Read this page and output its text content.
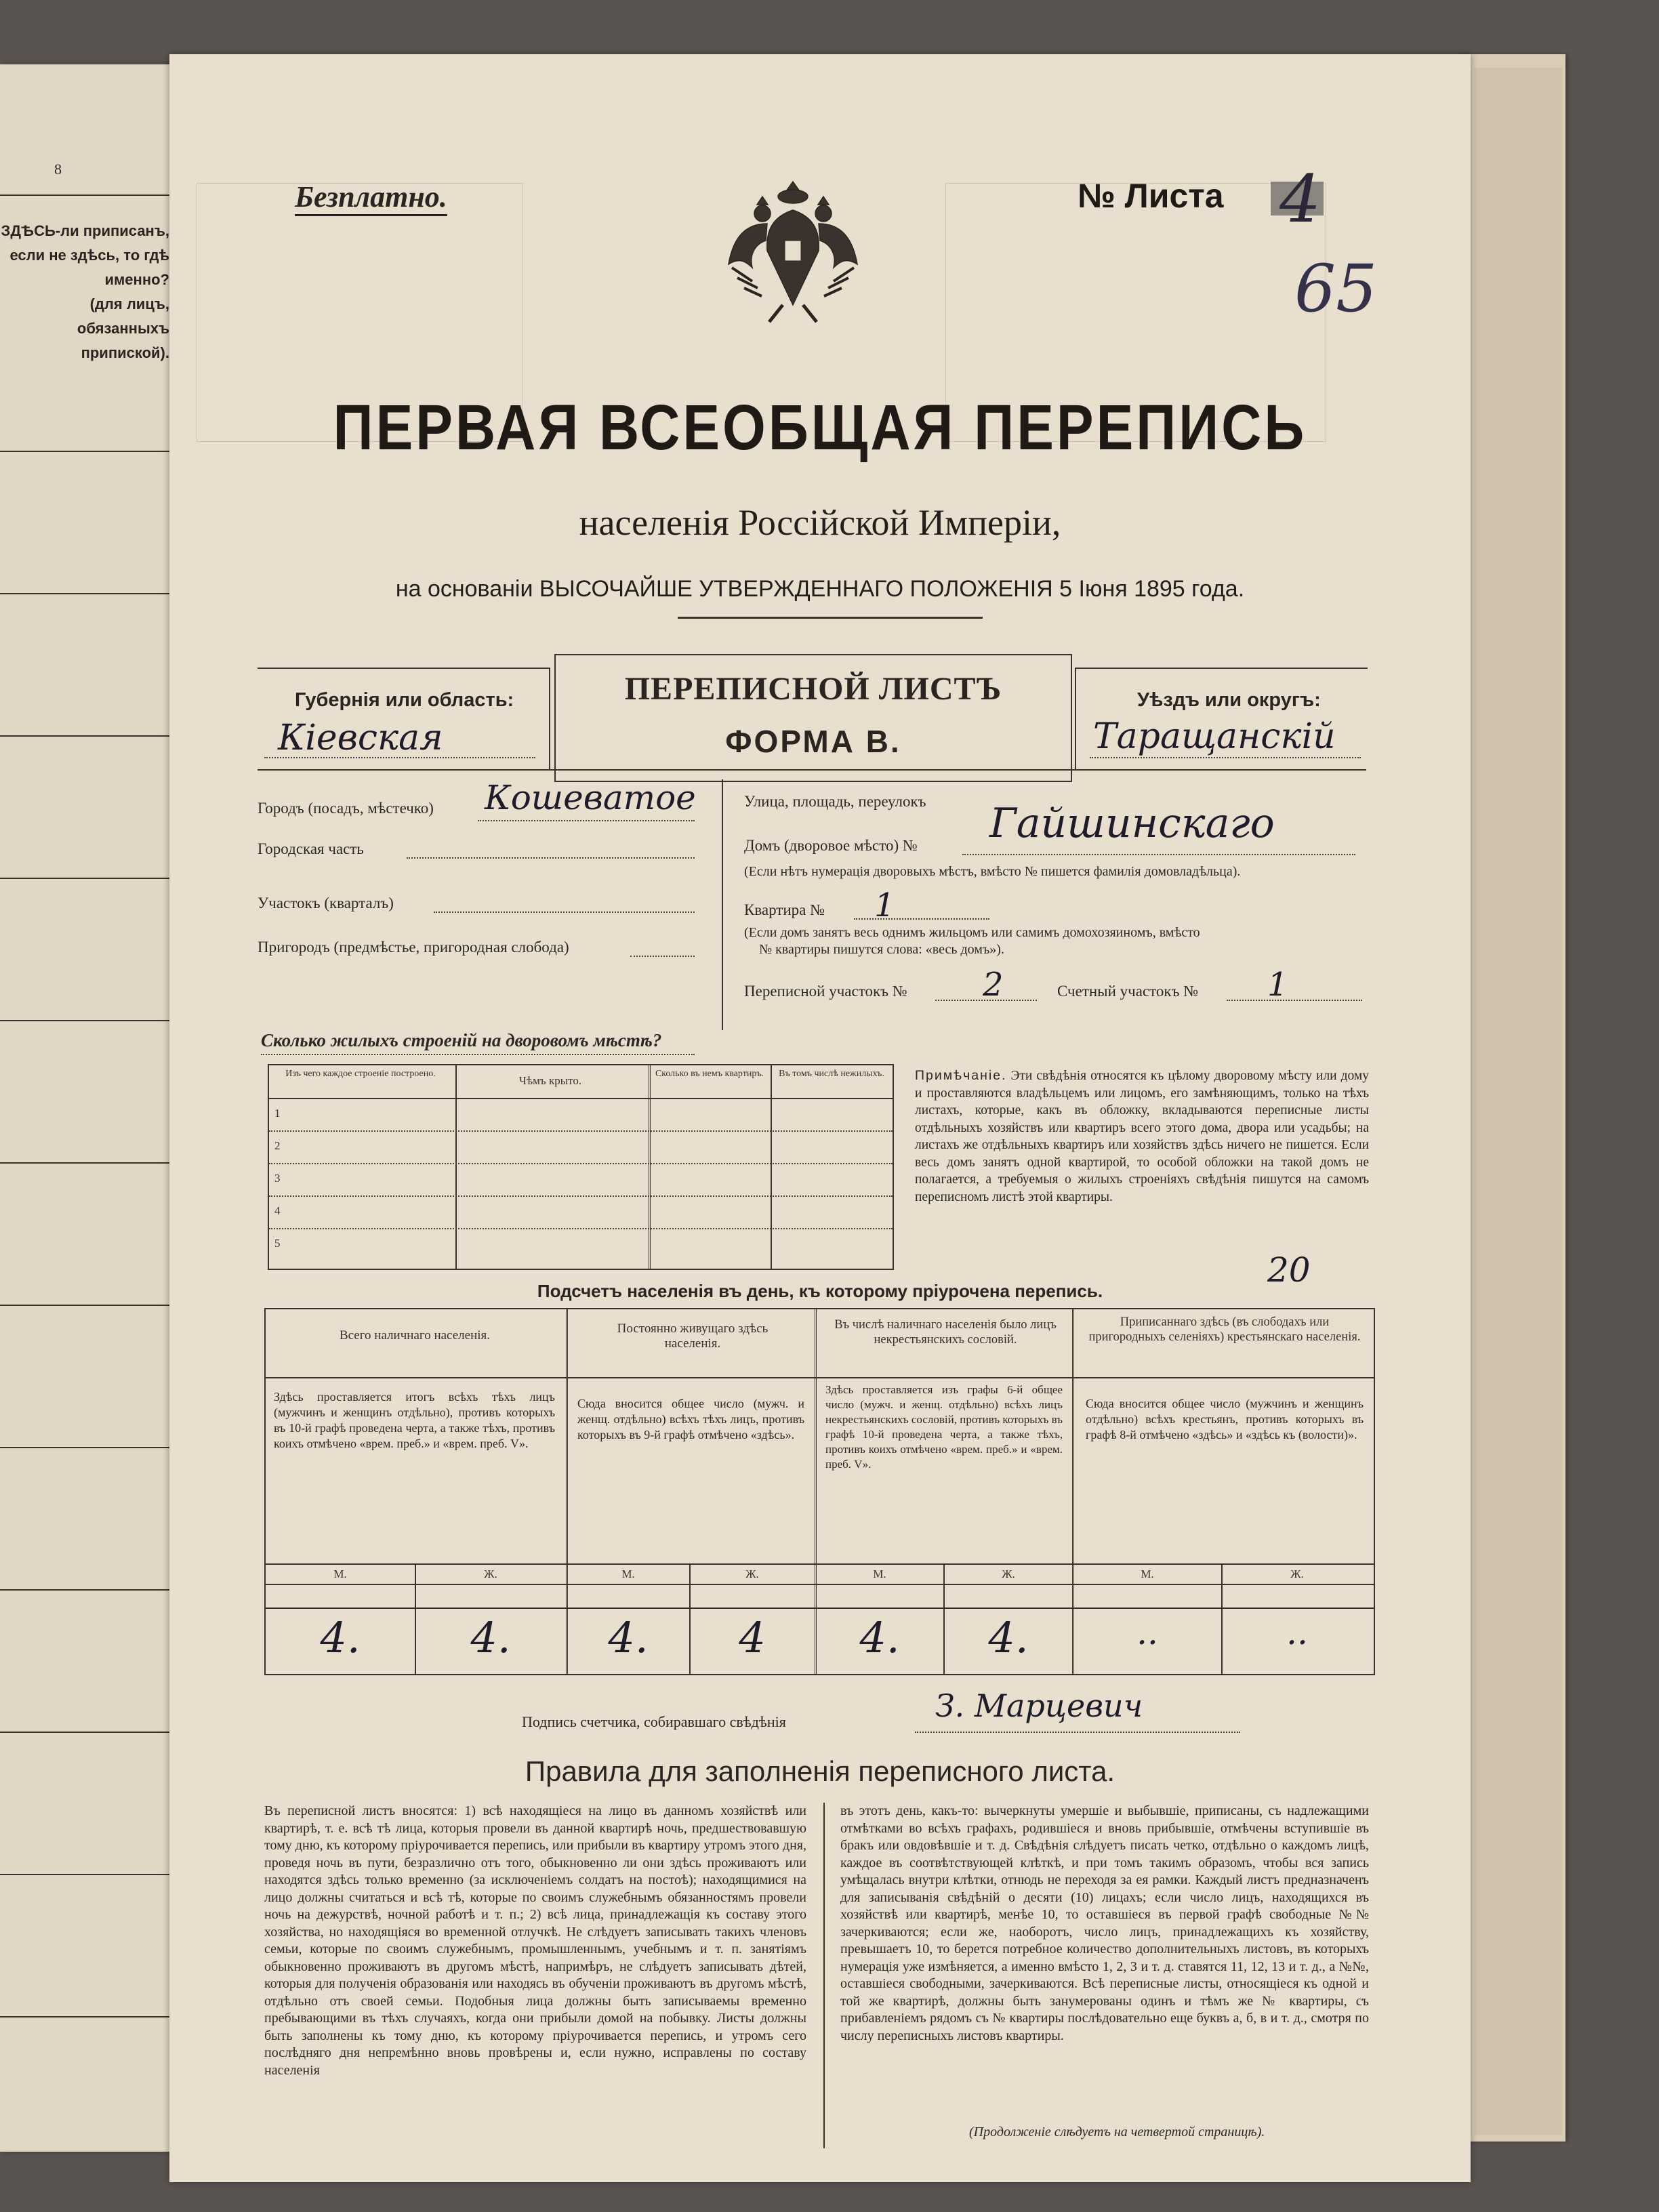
8
ЗДѢСЬ-ли приписанъ,
если не здѣсь, то гдѣ
именно?
(для лицъ, обязанныхъ
припиской).
Безплатно.	№ Листа 4
65
ПЕРВАЯ ВСЕОБЩАЯ ПЕРЕПИСЬ
населенія Россійской Имперіи,
на основаніи ВЫСОЧАЙШЕ УТВЕРЖДЕННАГО ПОЛОЖЕНІЯ 5 Іюня 1895 года.
Губернія или область:
Кіевская
ПЕРЕПИСНОЙ ЛИСТЪ
ФОРМА В.
Уѣздъ или округъ:
Таращанскій
Городъ (посадъ, мѣстечко) Кошеватое
Городская часть
Участокъ (кварталъ)
Пригородъ (предмѣстье, пригородная слобода)
Улица, площадь, переулокъ
Домъ (дворовое мѣсто) № Гайшинскаго
(Если нѣтъ нумерація дворовыхъ мѣстъ, вмѣсто № пишется фамилія домовладѣльца).
Квартира № 1
(Если домъ занятъ весь однимъ жильцомъ или самимъ домохозяиномъ, вмѣсто
№ квартиры пишутся слова: «весь домъ»).
Переписной участокъ № 2	Счетный участокъ № 1
Сколько жилыхъ строеній на дворовомъ мѣстѣ?
Изъ чего каждое строеніе построено.
Чѣмъ крыто.
Сколько въ немъ квартиръ.	Въ томъ числѣ нежилыхъ.
1
2
3
4
5
Примѣчаніе. Эти свѣдѣнія относятся къ цѣлому дворовому мѣсту или дому и проставляются владѣльцемъ или лицомъ, его замѣняющимъ, только на тѣхъ листахъ, которые, какъ въ обложку, вкладываются переписные листы отдѣльныхъ хозяйствъ или квартиръ всего этого дома, двора или усадьбы; на листахъ же отдѣльныхъ квартиръ или хозяйствъ здѣсь ничего не пишется. Если весь домъ занятъ одной квартирой, то особой обложки на такой домъ не полагается, а требуемыя о жилыхъ строеніяхъ свѣдѣнія пишутся на самомъ переписномъ листѣ этой квартиры.
20
Подсчетъ населенія въ день, къ которому пріурочена перепись.
Всего наличнаго населенія.
Здѣсь проставляется итогъ всѣхъ тѣхъ лицъ (мужчинъ и женщинъ отдѣльно), противъ которыхъ въ 10-й графѣ проведена черта, а также тѣхъ, противъ коихъ отмѣчено «врем. преб.» и «врем. преб. V».
Постоянно живущаго здѣсь населенія.
Сюда вносится общее число (мужч. и женщ. отдѣльно) всѣхъ тѣхъ лицъ, противъ которыхъ въ 9-й графѣ отмѣчено «здѣсь».
Въ числѣ наличнаго населенія было лицъ некрестьянскихъ сословій.
Здѣсь проставляется изъ графы 6-й общее число (мужч. и женщ. отдѣльно) всѣхъ лицъ некрестьянскихъ сословій, противъ которыхъ въ графѣ 10-й проведена черта, а также тѣхъ, противъ коихъ отмѣчено «врем. преб.» и «врем. преб. V».
Приписаннаго здѣсь (въ слободахъ или пригородныхъ селеніяхъ) крестьянскаго населенія.
Сюда вносится общее число (мужчинъ и женщинъ отдѣльно) всѣхъ крестьянъ, противъ которыхъ въ графѣ 8-й отмѣчено «здѣсь» и «здѣсь къ (волости)».
М.	Ж.	М.	Ж.	М.	Ж.	М.	Ж.
4.	4.	4.	4	4.	4.	..	..
Подпись счетчика, собиравшаго свѣдѣнія	З. Марцевич
Правила для заполненія переписного листа.
Въ переписной листъ вносятся: 1) всѣ находящіеся на лицо въ данномъ хозяйствѣ или квартирѣ, т. е. всѣ тѣ лица, которыя провели въ данной квартирѣ ночь, предшествовавшую тому дню, къ которому пріурочивается перепись, или прибыли въ квартиру утромъ этого дня, проведя ночь въ пути, безразлично отъ того, обыкновенно ли они здѣсь проживаютъ или находятся здѣсь только временно (за исключеніемъ солдатъ на постоѣ); находящимися на лицо должны считаться и всѣ тѣ, которые по своимъ служебнымъ обязанностямъ провели ночь на дежурствѣ, ночной работѣ и т. п.; 2) всѣ лица, принадлежащія къ составу этого хозяйства, но находящіяся во временной отлучкѣ. Не слѣдуетъ записывать такихъ членовъ семьи, которые по своимъ служебнымъ, промышленнымъ, учебнымъ и т. п. занятіямъ обыкновенно проживаютъ въ другомъ мѣстѣ, напримѣръ, не слѣдуетъ записывать дѣтей, которыя для полученія образованія или находясь въ обученіи проживаютъ въ другомъ мѣстѣ, отдѣльно отъ своей семьи. Подобныя лица должны быть записываемы временно пребывающими въ тѣхъ случаяхъ, когда они прибыли домой на побывку. Листы должны быть заполнены къ тому дню, къ которому пріурочивается перепись, и утромъ сего послѣдняго дня непремѣнно вновь провѣрены и, если нужно, исправлены по составу населенія
въ этотъ день, какъ-то: вычеркнуты умершіе и выбывшіе, приписаны, съ надлежащими отмѣтками во всѣхъ графахъ, родившіеся и вновь прибывшіе, отмѣчены вступившіе въ бракъ или овдовѣвшіе и т. д. Свѣдѣнія слѣдуетъ писать четко, отдѣльно о каждомъ лицѣ, каждое въ соотвѣтствующей клѣткѣ, и при томъ такимъ образомъ, чтобы вся запись умѣщалась внутри клѣтки, отнюдь не переходя за ея рамки. Каждый листъ предназначенъ для записыванія свѣдѣній о десяти (10) лицахъ; если число лицъ, находящихся въ хозяйствѣ или квартирѣ, менѣе 10, то оставшіеся въ первой графѣ свободные №№ зачеркиваются; если же, наоборотъ, число лицъ, принадлежащихъ къ хозяйству, превышаетъ 10, то берется потребное количество дополнительныхъ листовъ, въ которыхъ нумерація уже измѣняется, а именно вмѣсто 1, 2, 3 и т. д. ставятся 11, 12, 13 и т. д., а №№, оставшіеся свободными, зачеркиваются. Всѣ переписные листы, относящіеся къ одной и той же квартирѣ, должны быть занумерованы одинъ и тѣмъ же № квартиры, съ прибавленіемъ рядомъ съ № квартиры послѣдовательно еще буквъ а, б, в и т. д., смотря по числу переписныхъ листовъ квартиры.
(Продолженіе слѣдуетъ на четвертой страницѣ).
